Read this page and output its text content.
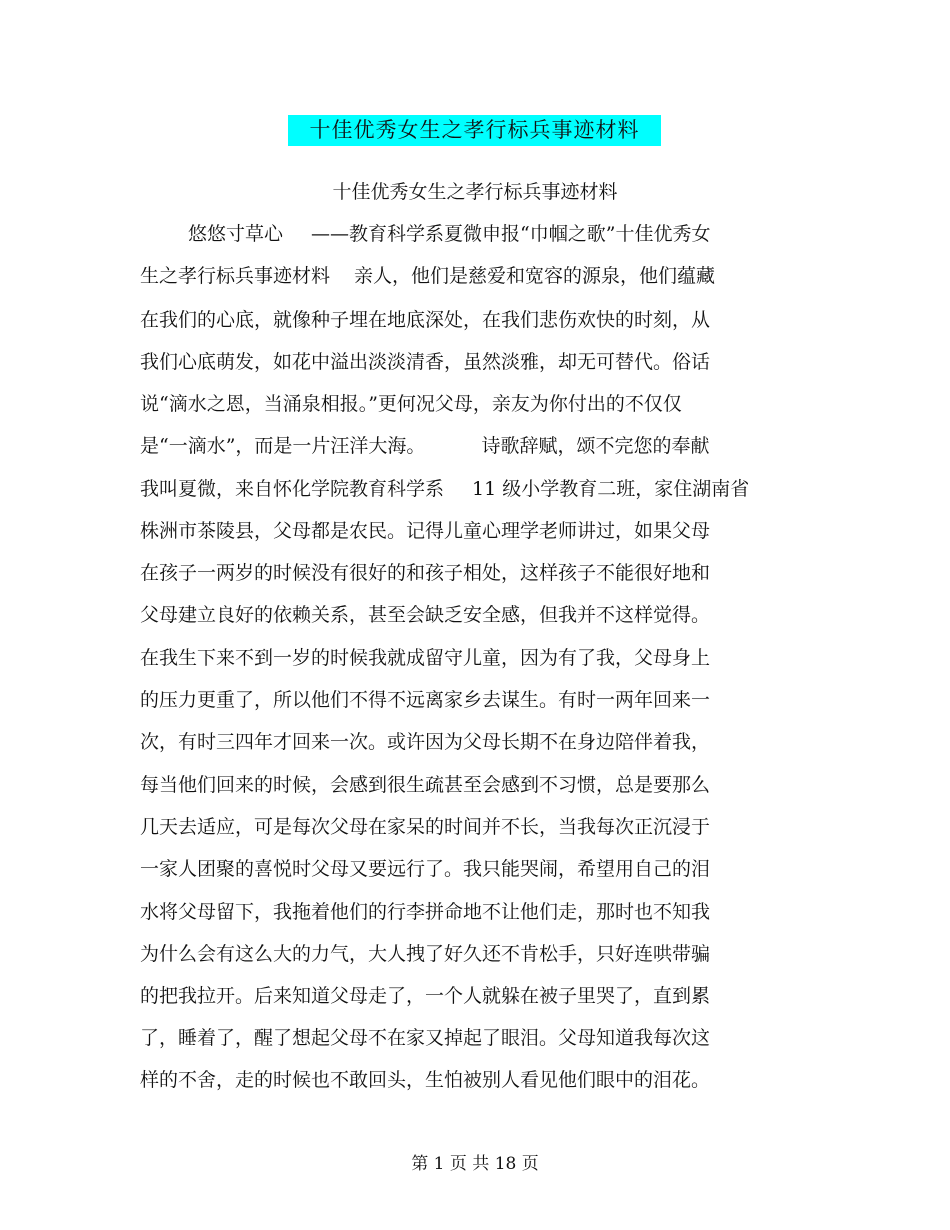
十佳优秀女生之孝行标兵事迹材料
十佳优秀女生之孝行标兵事迹材料
悠悠寸草心 ——教育科学系夏微申报“巾帼之歌”十佳优秀女
生之孝行标兵事迹材料 亲人，他们是慈爱和宽容的源泉，他们蕴藏
在我们的心底，就像种子埋在地底深处，在我们悲伤欢快的时刻，从
我们心底萌发，如花中溢出淡淡清香，虽然淡雅，却无可替代。俗话
说“滴水之恩，当涌泉相报。”更何况父母，亲友为你付出的不仅仅
是“一滴水”，而是一片汪洋大海。	诗歌辞赋，颂不完您的奉献
我叫夏微，来自怀化学院教育科学系 11 级小学教育二班，家住湖南省
株洲市茶陵县，父母都是农民。记得儿童心理学老师讲过，如果父母
在孩子一两岁的时候没有很好的和孩子相处，这样孩子不能很好地和
父母建立良好的依赖关系，甚至会缺乏安全感，但我并不这样觉得。
在我生下来不到一岁的时候我就成留守儿童，因为有了我，父母身上
的压力更重了，所以他们不得不远离家乡去谋生。有时一两年回来一
次，有时三四年才回来一次。或许因为父母长期不在身边陪伴着我，
每当他们回来的时候，会感到很生疏甚至会感到不习惯，总是要那么
几天去适应，可是每次父母在家呆的时间并不长，当我每次正沉浸于
一家人团聚的喜悦时父母又要远行了。我只能哭闹，希望用自己的泪
水将父母留下，我拖着他们的行李拼命地不让他们走，那时也不知我
为什么会有这么大的力气，大人拽了好久还不肯松手，只好连哄带骗
的把我拉开。后来知道父母走了，一个人就躲在被子里哭了，直到累
了，睡着了，醒了想起父母不在家又掉起了眼泪。父母知道我每次这
样的不舍，走的时候也不敢回头，生怕被别人看见他们眼中的泪花。
第 1 页 共 18 页
